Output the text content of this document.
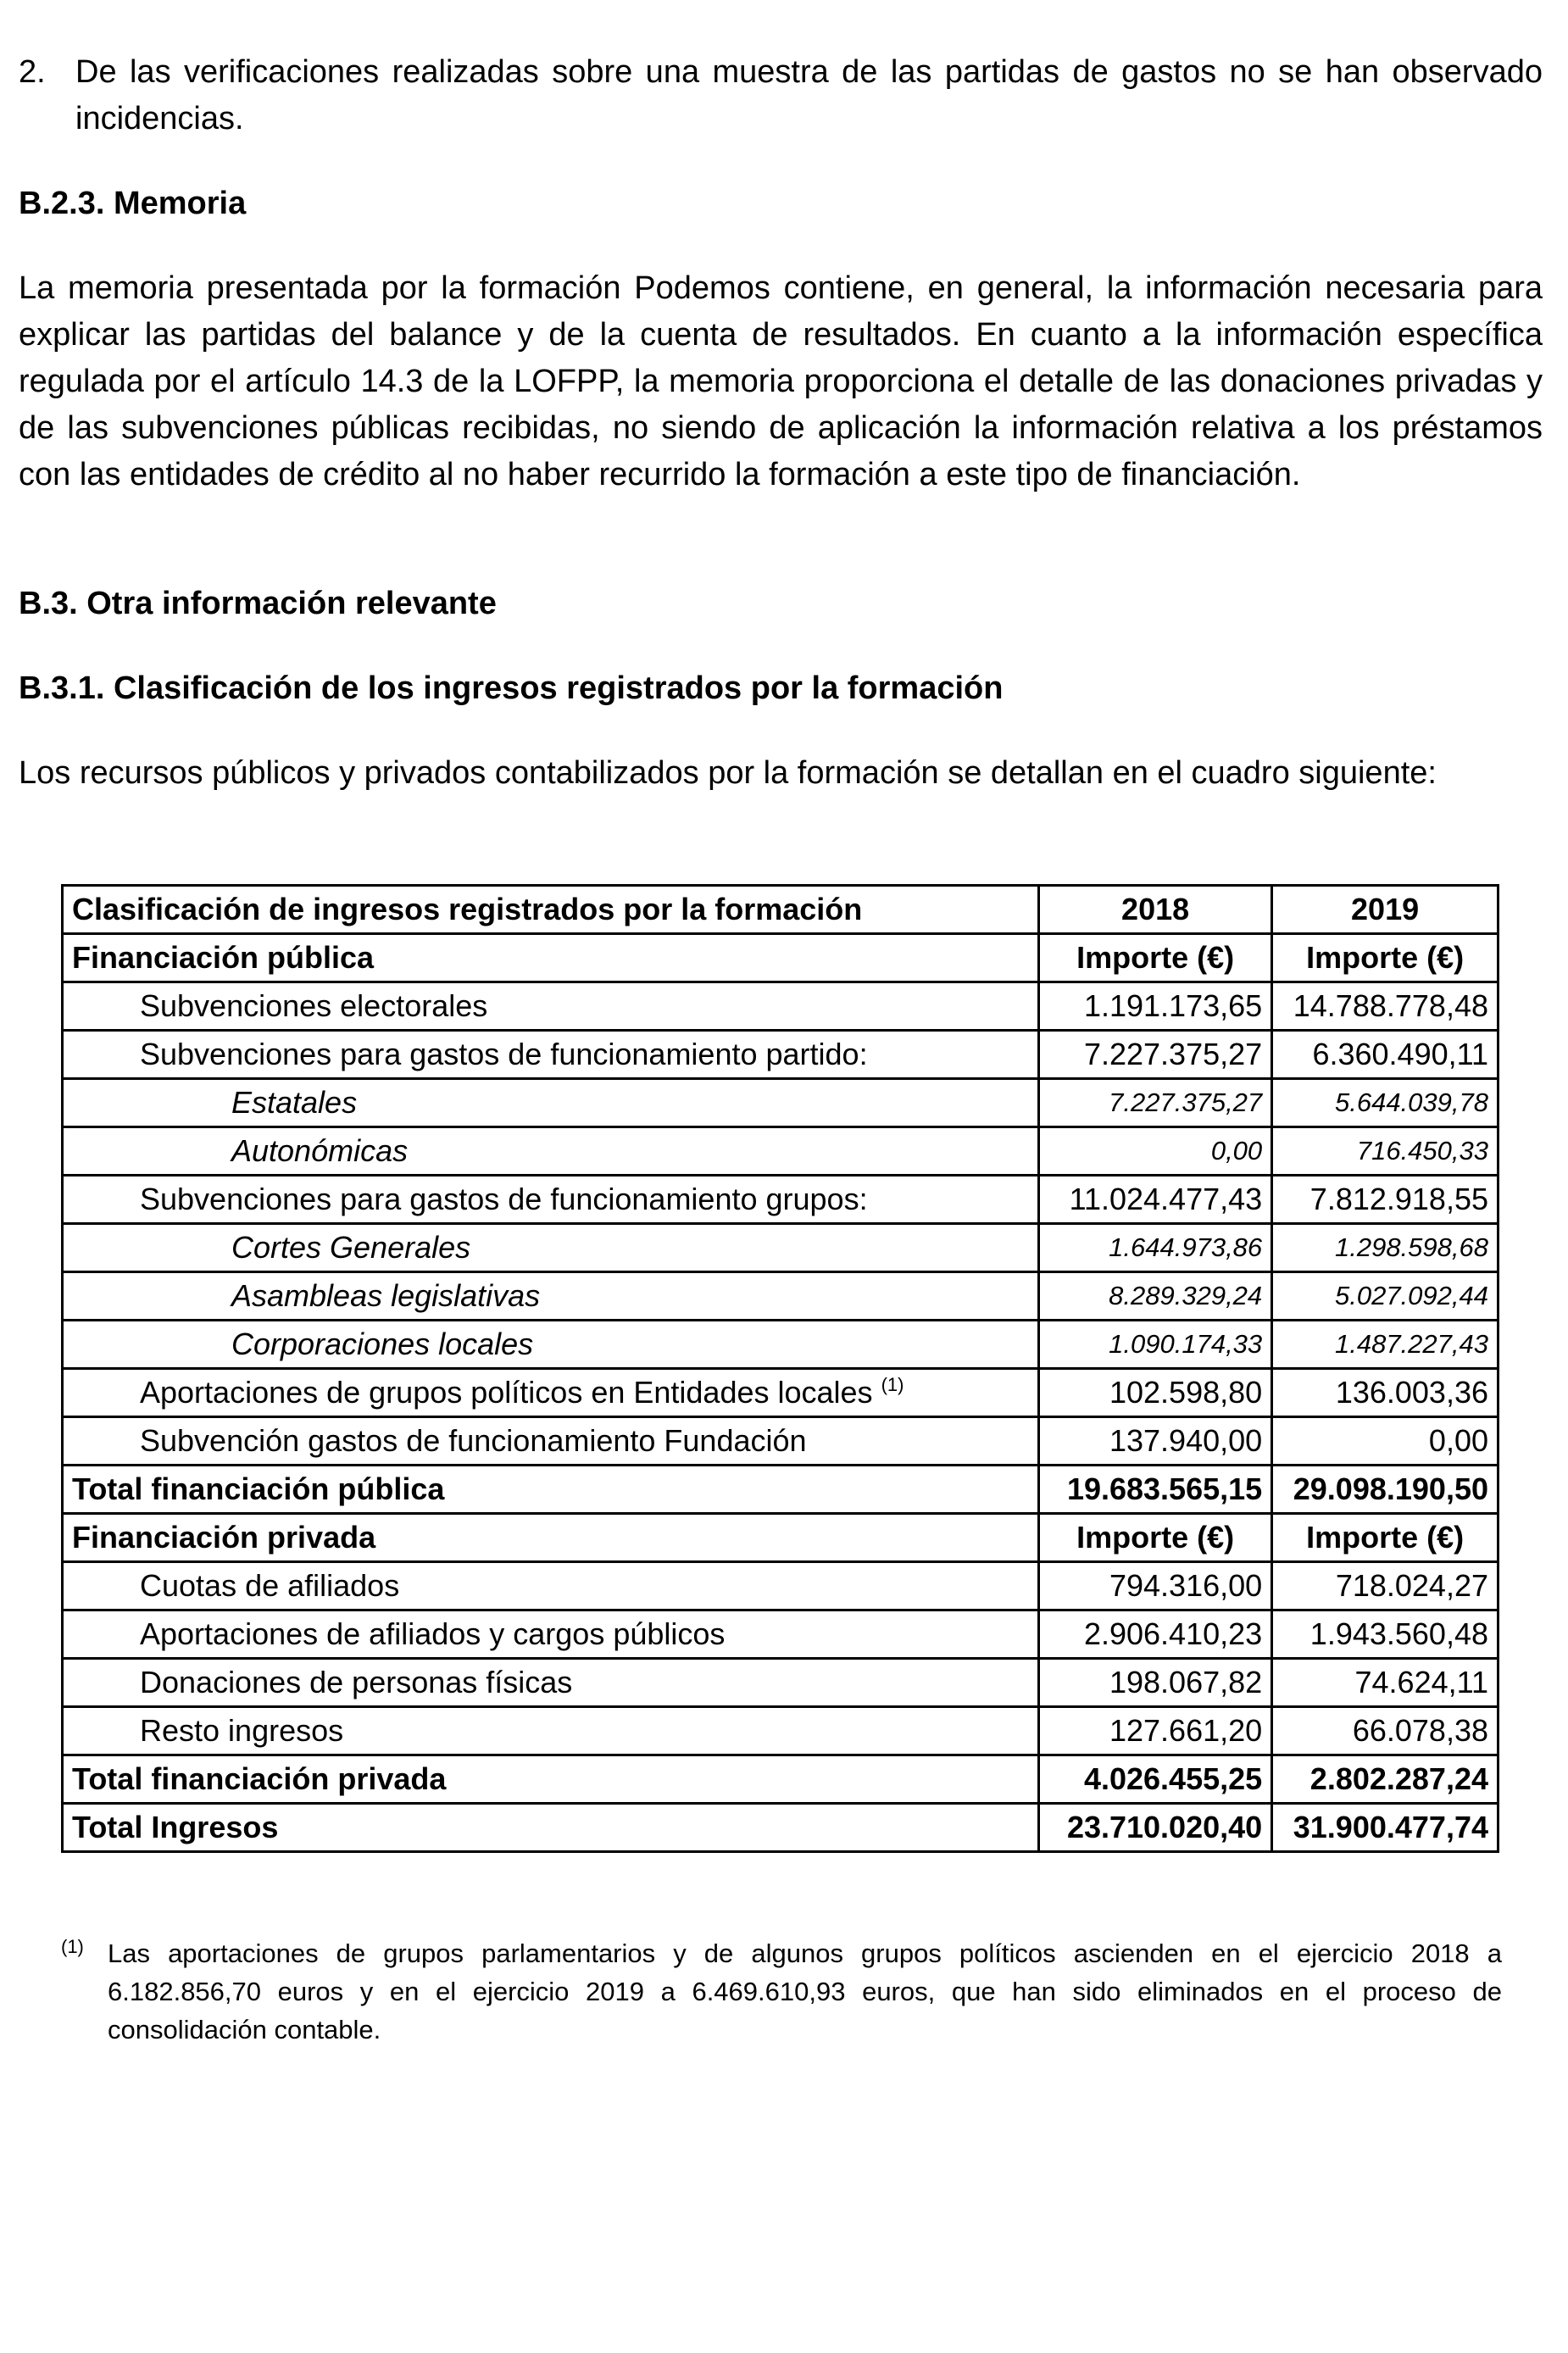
2. De las verificaciones realizadas sobre una muestra de las partidas de gastos no se han observado incidencias.
B.2.3. Memoria
La memoria presentada por la formación Podemos contiene, en general, la información necesaria para explicar las partidas del balance y de la cuenta de resultados. En cuanto a la información específica regulada por el artículo 14.3 de la LOFPP, la memoria proporciona el detalle de las donaciones privadas y de las subvenciones públicas recibidas, no siendo de aplicación la información relativa a los préstamos con las entidades de crédito al no haber recurrido la formación a este tipo de financiación.
B.3. Otra información relevante
B.3.1. Clasificación de los ingresos registrados por la formación
Los recursos públicos y privados contabilizados por la formación se detallan en el cuadro siguiente:
Clasificación de ingresos registrados por la formación	2018	2019
Financiación pública	Importe (€)	Importe (€)
Subvenciones electorales	1.191.173,65	14.788.778,48
Subvenciones para gastos de funcionamiento partido:	7.227.375,27	6.360.490,11
Estatales	7.227.375,27	5.644.039,78
Autonómicas	0,00	716.450,33
Subvenciones para gastos de funcionamiento grupos:	11.024.477,43	7.812.918,55
Cortes Generales	1.644.973,86	1.298.598,68
Asambleas legislativas	8.289.329,24	5.027.092,44
Corporaciones locales	1.090.174,33	1.487.227,43
Aportaciones de grupos políticos en Entidades locales $^{(1)}$	102.598,80	136.003,36
Subvención gastos de funcionamiento Fundación	137.940,00	0,00
Total financiación pública	19.683.565,15	29.098.190,50
Financiación privada	Importe (€)	Importe (€)
Cuotas de afiliados	794.316,00	718.024,27
Aportaciones de afiliados y cargos públicos	2.906.410,23	1.943.560,48
Donaciones de personas físicas	198.067,82	74.624,11
Resto ingresos	127.661,20	66.078,38
Total financiación privada	4.026.455,25	2.802.287,24
Total Ingresos	23.710.020,40	31.900.477,74
(1) Las aportaciones de grupos parlamentarios y de algunos grupos políticos ascienden en el ejercicio 2018 a 6.182.856,70 euros y en el ejercicio 2019 a 6.469.610,93 euros, que han sido eliminados en el proceso de consolidación contable.
